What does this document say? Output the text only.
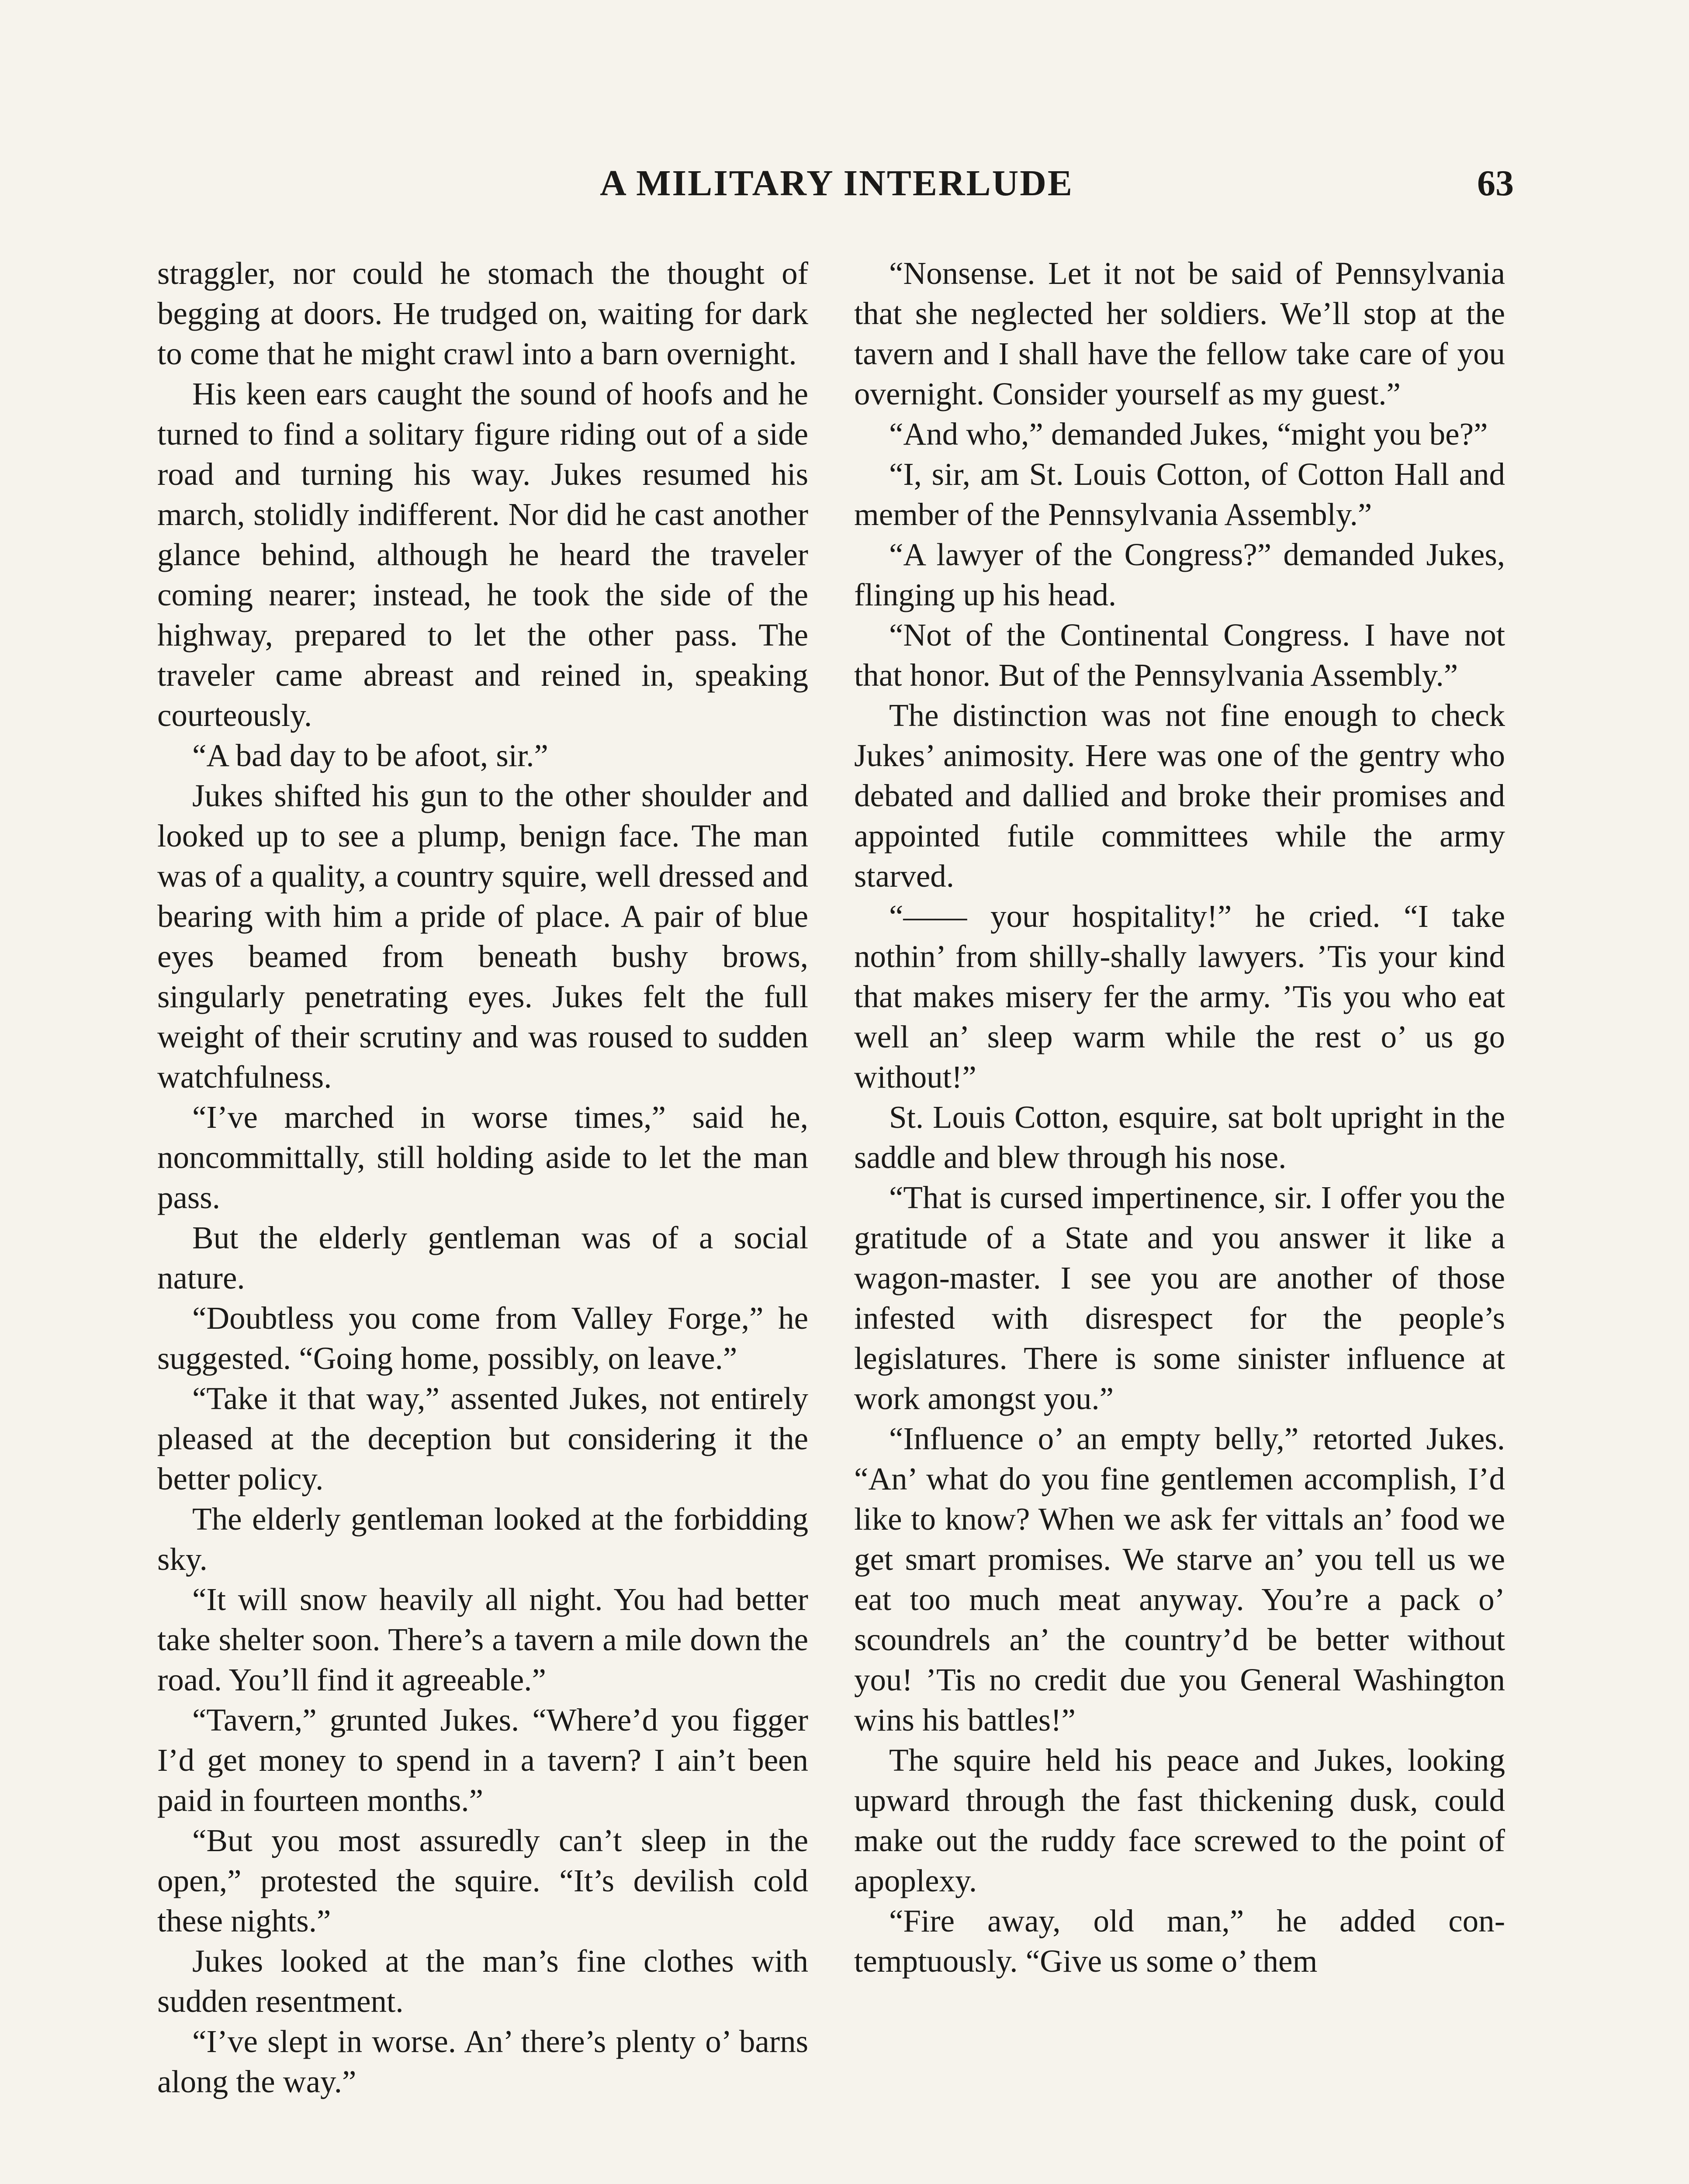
A MILITARY INTERLUDE	63

straggler, nor could he stomach the thought of begging at doors. He trudged on, waiting for dark to come that he might crawl into a barn overnight.

His keen ears caught the sound of hoofs and he turned to find a solitary figure riding out of a side road and turning his way. Jukes resumed his march, stolidly indifferent. Nor did he cast another glance behind, although he heard the traveler coming nearer; instead, he took the side of the highway, prepared to let the other pass. The traveler came abreast and reined in, speaking courteously.

“A bad day to be afoot, sir.”

Jukes shifted his gun to the other shoulder and looked up to see a plump, benign face. The man was of a quality, a country squire, well dressed and bearing with him a pride of place. A pair of blue eyes beamed from beneath bushy brows, singularly penetrating eyes. Jukes felt the full weight of their scrutiny and was roused to sudden watchfulness.

“I’ve marched in worse times,” said he, noncommittally, still holding aside to let the man pass.

But the elderly gentleman was of a social nature.

“Doubtless you come from Valley Forge,” he suggested. “Going home, possibly, on leave.”

“Take it that way,” assented Jukes, not entirely pleased at the deception but considering it the better policy.

The elderly gentleman looked at the forbidding sky.

“It will snow heavily all night. You had better take shelter soon. There’s a tavern a mile down the road. You’ll find it agreeable.”

“Tavern,” grunted Jukes. “Where’d you figger I’d get money to spend in a tavern? I ain’t been paid in fourteen months.”

“But you most assuredly can’t sleep in the open,” protested the squire. “It’s devilish cold these nights.”

Jukes looked at the man’s fine clothes with sudden resentment.

“I’ve slept in worse. An’ there’s plenty o’ barns along the way.”

“Nonsense. Let it not be said of Pennsylvania that she neglected her soldiers. We’ll stop at the tavern and I shall have the fellow take care of you overnight. Consider yourself as my guest.”

“And who,” demanded Jukes, “might you be?”

“I, sir, am St. Louis Cotton, of Cotton Hall and member of the Pennsylvania Assembly.”

“A lawyer of the Congress?” demanded Jukes, flinging up his head.

“Not of the Continental Congress. I have not that honor. But of the Pennsylvania Assembly.”

The distinction was not fine enough to check Jukes’ animosity. Here was one of the gentry who debated and dallied and broke their promises and appointed futile committees while the army starved.

“—— your hospitality!” he cried. “I take nothin’ from shilly-shally lawyers. ’Tis your kind that makes misery fer the army. ’Tis you who eat well an’ sleep warm while the rest o’ us go without!”

St. Louis Cotton, esquire, sat bolt upright in the saddle and blew through his nose.

“That is cursed impertinence, sir. I offer you the gratitude of a State and you answer it like a wagon-master. I see you are another of those infested with disrespect for the people’s legislatures. There is some sinister influence at work amongst you.”

“Influence o’ an empty belly,” retorted Jukes. “An’ what do you fine gentlemen accomplish, I’d like to know? When we ask fer vittals an’ food we get smart promises. We starve an’ you tell us we eat too much meat anyway. You’re a pack o’ scoundrels an’ the country’d be better without you! ’Tis no credit due you General Washington wins his battles!”

The squire held his peace and Jukes, looking upward through the fast thickening dusk, could make out the ruddy face screwed to the point of apoplexy.

“Fire away, old man,” he added contemptuously. “Give us some o’ them
